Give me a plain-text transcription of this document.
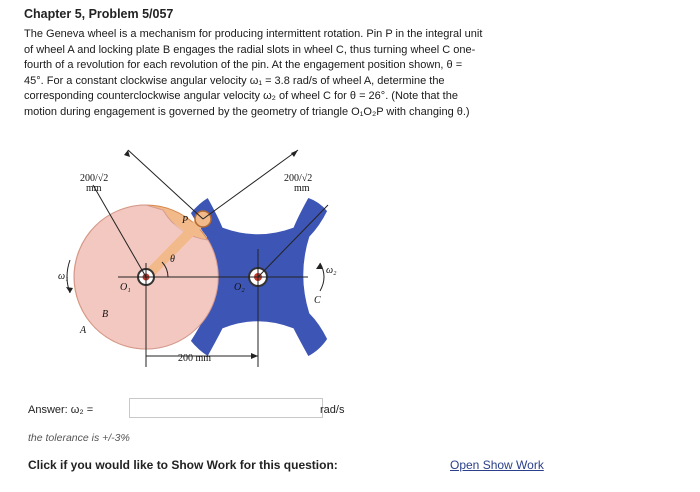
Chapter 5, Problem 5/057
The Geneva wheel is a mechanism for producing intermittent rotation. Pin P in the integral unit
of wheel A and locking plate B engages the radial slots in wheel C, thus turning wheel C one-
fourth of a revolution for each revolution of the pin. At the engagement position shown, θ =
45°. For a constant clockwise angular velocity ω₁ = 3.8 rad/s of wheel A, determine the
corresponding counterclockwise angular velocity ω₂ of wheel C for θ = 26°. (Note that the
motion during engagement is governed by the geometry of triangle O₁O₂P with changing θ.)
200/√2
mm
200/√2
mm
200 mm
P
θ
O₁	O₂
A
B
C
ω₁
ω₂
Answer: ω₂ =	rad/s
the tolerance is +/-3%
Click if you would like to Show Work for this question:	Open Show Work
